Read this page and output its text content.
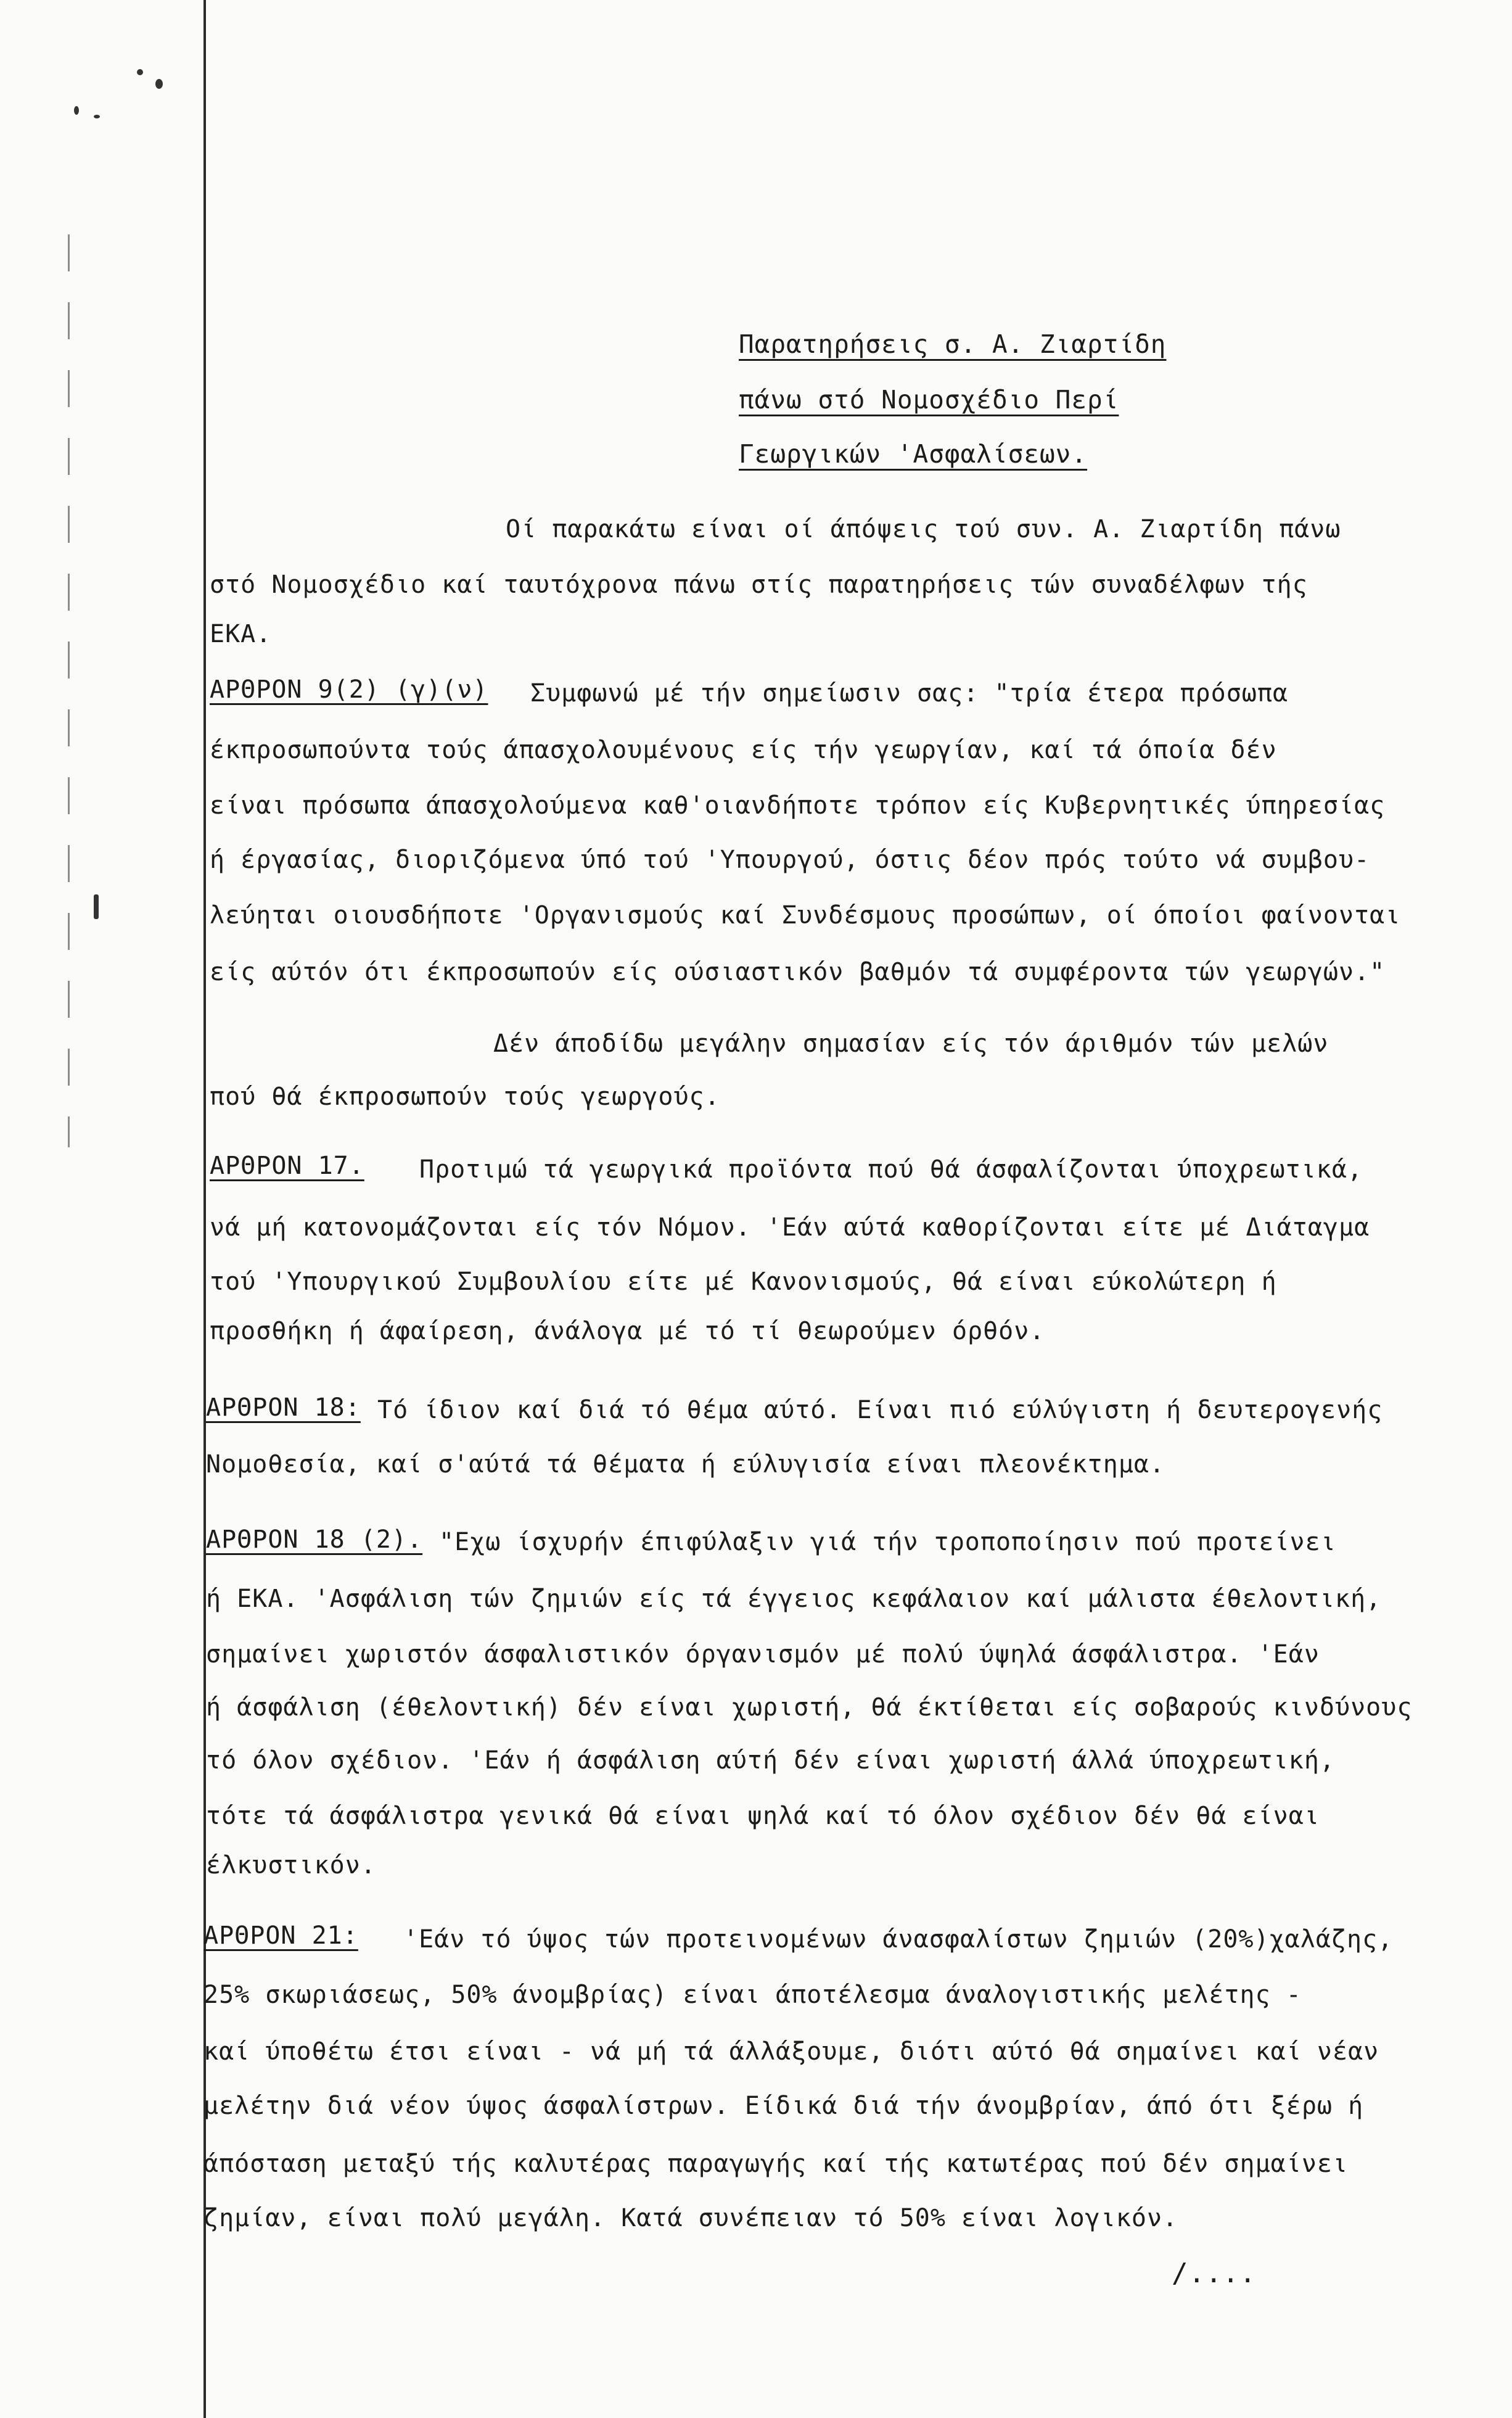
Παρατηρήσεις σ. Α. Ζιαρτίδη
πάνω στό Νομοσχέδιο Περί
Γεωργικών 'Ασφαλίσεων.
Οί παρακάτω είναι οί άπόψεις τού συν. Α. Ζιαρτίδη πάνω
στό Νομοσχέδιο καί ταυτόχρονα πάνω στίς παρατηρήσεις τών συναδέλφων τής
ΕΚΑ.
ΑΡΘΡΟΝ 9(2) (γ)(ν) Συμφωνώ μέ τήν σημείωσιν σας: "τρία έτερα πρόσωπα
έκπροσωπούντα τούς άπασχολουμένους είς τήν γεωργίαν, καί τά όποία δέν
είναι πρόσωπα άπασχολούμενα καθ'οιανδήποτε τρόπον είς Κυβερνητικές ύπηρεσίας
ή έργασίας, διοριζόμενα ύπό τού 'Υπουργού, όστις δέον πρός τούτο νά συμβου-
λεύηται οιουσδήποτε 'Οργανισμούς καί Συνδέσμους προσώπων, οί όποίοι φαίνονται
είς αύτόν ότι έκπροσωπούν είς ούσιαστικόν βαθμόν τά συμφέροντα τών γεωργών."
Δέν άποδίδω μεγάλην σημασίαν είς τόν άριθμόν τών μελών
πού θά έκπροσωπούν τούς γεωργούς.
ΑΡΘΡΟΝ 17. Προτιμώ τά γεωργικά προϊόντα πού θά άσφαλίζονται ύποχρεωτικά,
νά μή κατονομάζονται είς τόν Νόμον. 'Εάν αύτά καθορίζονται είτε μέ Διάταγμα
τού 'Υπουργικού Συμβουλίου είτε μέ Κανονισμούς, θά είναι εύκολώτερη ή
προσθήκη ή άφαίρεση, άνάλογα μέ τό τί θεωρούμεν όρθόν.
ΑΡΘΡΟΝ 18: Τό ίδιον καί διά τό θέμα αύτό. Είναι πιό εύλύγιστη ή δευτερογενής
Νομοθεσία, καί σ'αύτά τά θέματα ή εύλυγισία είναι πλεονέκτημα.
ΑΡΘΡΟΝ 18 (2). "Εχω ίσχυρήν έπιφύλαξιν γιά τήν τροποποίησιν πού προτείνει
ή ΕΚΑ. 'Ασφάλιση τών ζημιών είς τά έγγειος κεφάλαιον καί μάλιστα έθελοντική,
σημαίνει χωριστόν άσφαλιστικόν όργανισμόν μέ πολύ ύψηλά άσφάλιστρα. 'Εάν
ή άσφάλιση (έθελοντική) δέν είναι χωριστή, θά έκτίθεται είς σοβαρούς κινδύνους
τό όλον σχέδιον. 'Εάν ή άσφάλιση αύτή δέν είναι χωριστή άλλά ύποχρεωτική,
τότε τά άσφάλιστρα γενικά θά είναι ψηλά καί τό όλον σχέδιον δέν θά είναι
έλκυστικόν.
ΑΡΘΡΟΝ 21: 'Εάν τό ύψος τών προτεινομένων άνασφαλίστων ζημιών (20%)χαλάζης,
25% σκωριάσεως, 50% άνομβρίας) είναι άποτέλεσμα άναλογιστικής μελέτης -
καί ύποθέτω έτσι είναι - νά μή τά άλλάξουμε, διότι αύτό θά σημαίνει καί νέαν
μελέτην διά νέον ύψος άσφαλίστρων. Είδικά διά τήν άνομβρίαν, άπό ότι ξέρω ή
άπόσταση μεταξύ τής καλυτέρας παραγωγής καί τής κατωτέρας πού δέν σημαίνει
ζημίαν, είναι πολύ μεγάλη. Κατά συνέπειαν τό 50% είναι λογικόν.
/....
